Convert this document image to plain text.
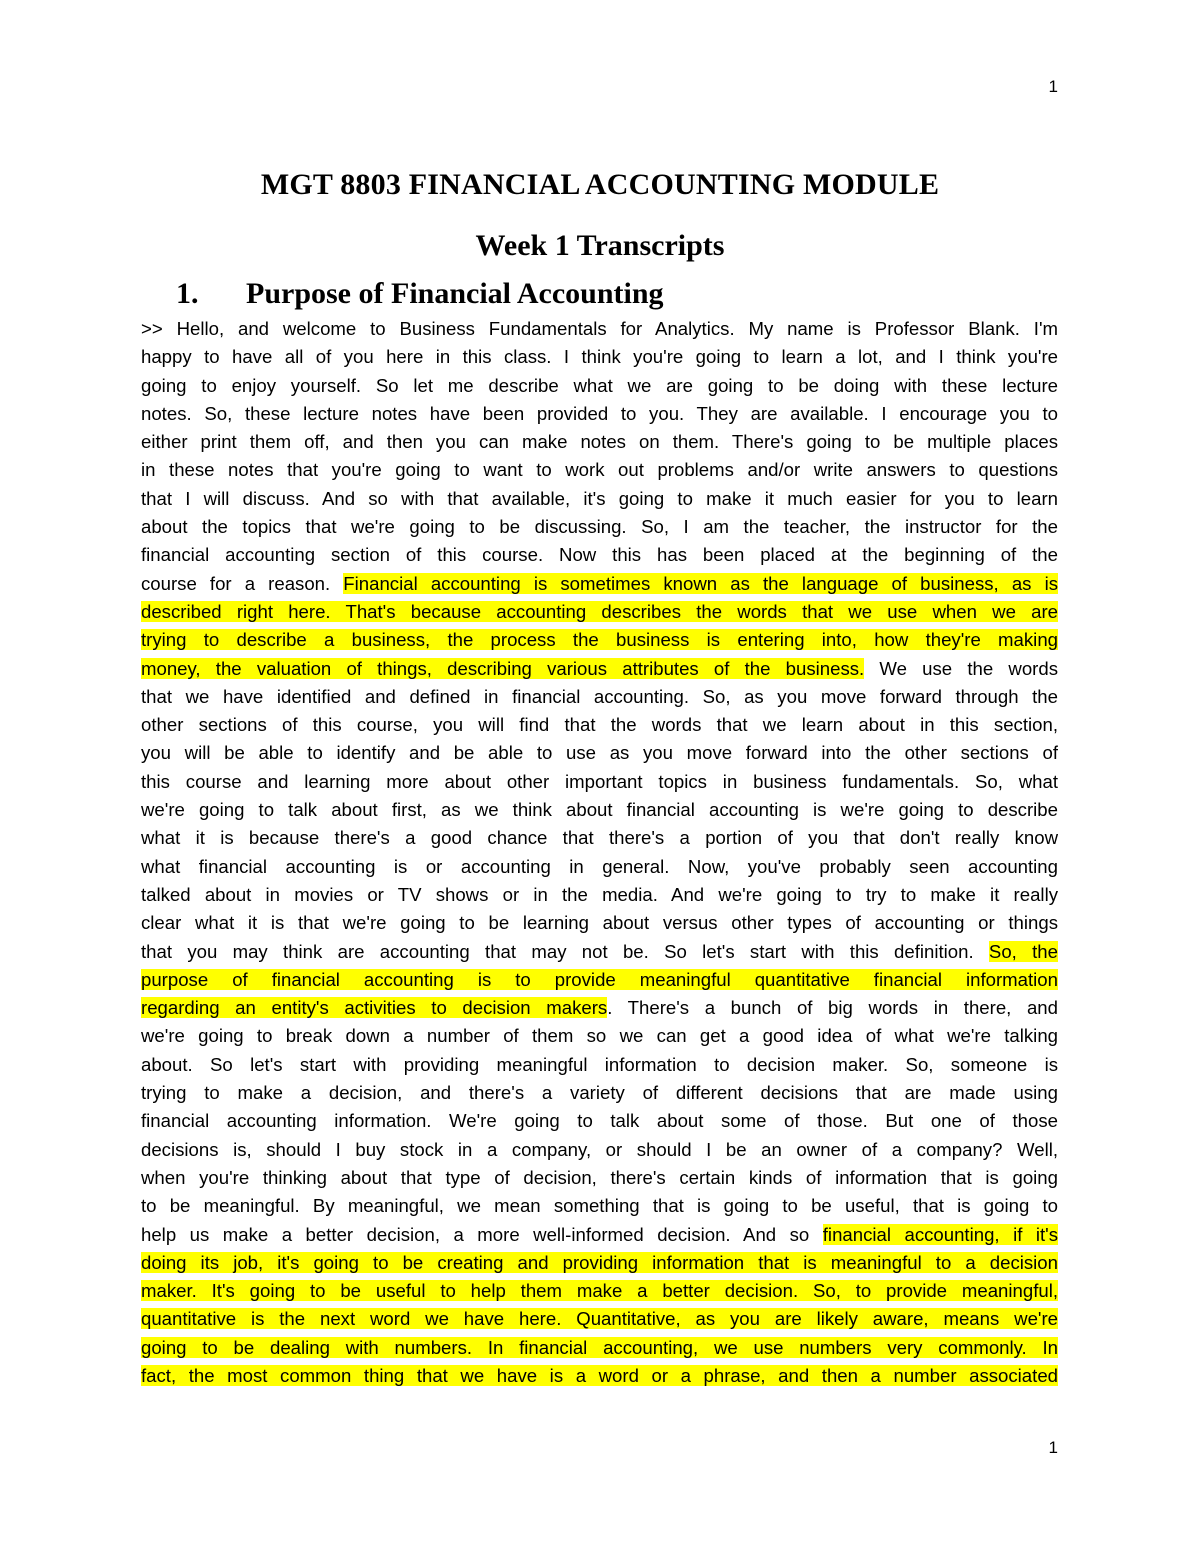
1
MGT 8803 FINANCIAL ACCOUNTING MODULE
Week 1 Transcripts
1. Purpose of Financial Accounting
>> Hello, and welcome to Business Fundamentals for Analytics. My name is Professor Blank. I'm
happy to have all of you here in this class. I think you're going to learn a lot, and I think you're
going to enjoy yourself. So let me describe what we are going to be doing with these lecture
notes. So, these lecture notes have been provided to you. They are available. I encourage you to
either print them off, and then you can make notes on them. There's going to be multiple places
in these notes that you're going to want to work out problems and/or write answers to questions
that I will discuss. And so with that available, it's going to make it much easier for you to learn
about the topics that we're going to be discussing. So, I am the teacher, the instructor for the
financial accounting section of this course. Now this has been placed at the beginning of the
course for a reason. Financial accounting is sometimes known as the language of business, as is
described right here. That's because accounting describes the words that we use when we are
trying to describe a business, the process the business is entering into, how they're making
money, the valuation of things, describing various attributes of the business. We use the words
that we have identified and defined in financial accounting. So, as you move forward through the
other sections of this course, you will find that the words that we learn about in this section,
you will be able to identify and be able to use as you move forward into the other sections of
this course and learning more about other important topics in business fundamentals. So, what
we're going to talk about first, as we think about financial accounting is we're going to describe
what it is because there's a good chance that there's a portion of you that don't really know
what financial accounting is or accounting in general. Now, you've probably seen accounting
talked about in movies or TV shows or in the media. And we're going to try to make it really
clear what it is that we're going to be learning about versus other types of accounting or things
that you may think are accounting that may not be. So let's start with this definition. So, the
purpose of financial accounting is to provide meaningful quantitative financial information
regarding an entity's activities to decision makers. There's a bunch of big words in there, and
we're going to break down a number of them so we can get a good idea of what we're talking
about. So let's start with providing meaningful information to decision maker. So, someone is
trying to make a decision, and there's a variety of different decisions that are made using
financial accounting information. We're going to talk about some of those. But one of those
decisions is, should I buy stock in a company, or should I be an owner of a company? Well,
when you're thinking about that type of decision, there's certain kinds of information that is going
to be meaningful. By meaningful, we mean something that is going to be useful, that is going to
help us make a better decision, a more well-informed decision. And so financial accounting, if it's
doing its job, it's going to be creating and providing information that is meaningful to a decision
maker. It's going to be useful to help them make a better decision. So, to provide meaningful,
quantitative is the next word we have here. Quantitative, as you are likely aware, means we're
going to be dealing with numbers. In financial accounting, we use numbers very commonly. In
fact, the most common thing that we have is a word or a phrase, and then a number associated
1
